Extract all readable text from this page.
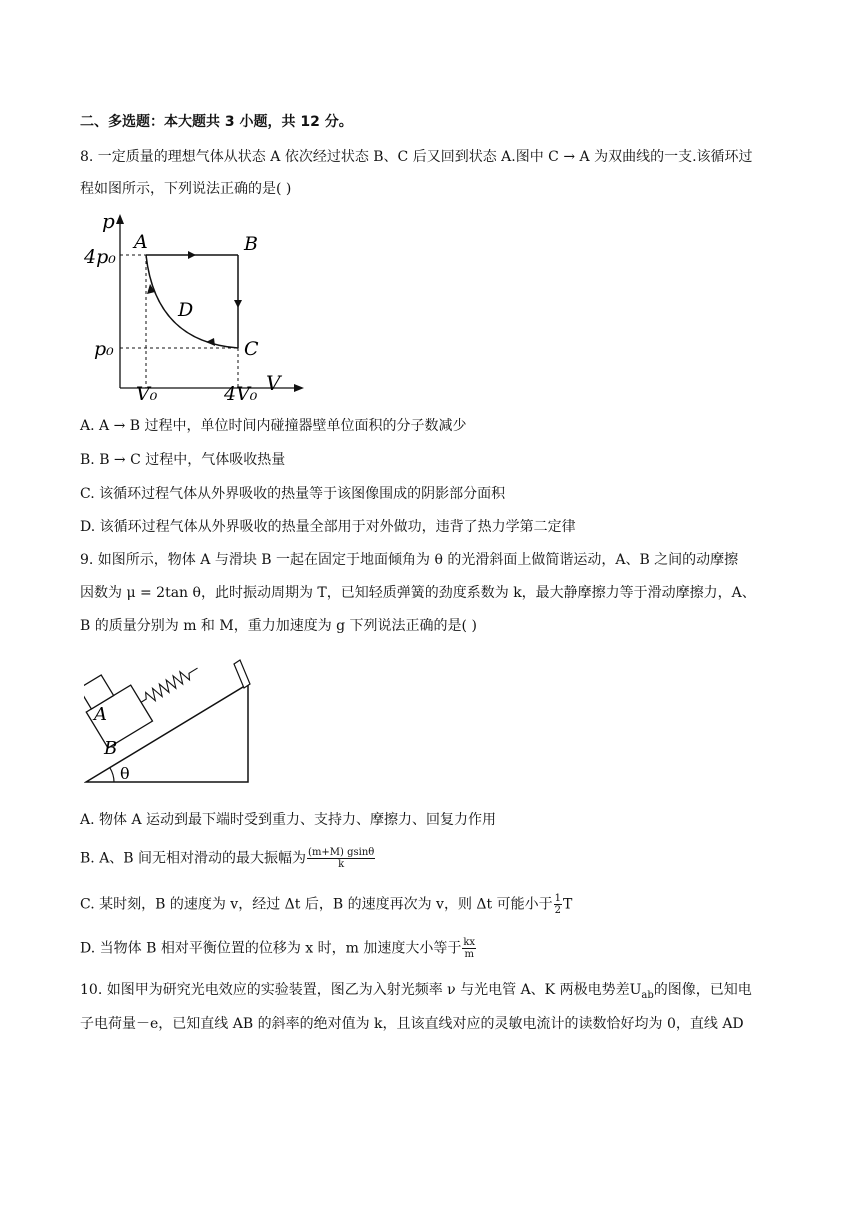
二、多选题：本大题共 3 小题，共 12 分。
8. 一定质量的理想气体从状态 A 依次经过状态 B、C 后又回到状态 A.图中 C → A 为双曲线的一支.该循环过
程如图所示，下列说法正确的是( )
p
V
4p₀
p₀
V₀	4V₀
A	B
C
D
A. A → B 过程中，单位时间内碰撞器壁单位面积的分子数减少
B. B → C 过程中，气体吸收热量
C. 该循环过程气体从外界吸收的热量等于该图像围成的阴影部分面积
D. 该循环过程气体从外界吸收的热量全部用于对外做功，违背了热力学第二定律
9. 如图所示，物体 A 与滑块 B 一起在固定于地面倾角为 θ 的光滑斜面上做简谐运动，A、B 之间的动摩擦
因数为 μ = 2tan θ，此时振动周期为 T，已知轻质弹簧的劲度系数为 k，最大静摩擦力等于滑动摩擦力，A、
B 的质量分别为 m 和 M，重力加速度为 g 下列说法正确的是( )
θ
A
B
A. 物体 A 运动到最下端时受到重力、支持力、摩擦力、回复力作用
B. A、B 间无相对滑动的最大振幅为 $\frac{(m+M) gsin\theta}{k}$
C. 某时刻，B 的速度为 v，经过 Δt 后，B 的速度再次为 v，则 Δt 可能小于 $\frac{1}{2}$ T
D. 当物体 B 相对平衡位置的位移为 x 时，m 加速度大小等于 $\frac{kx}{m}$
10. 如图甲为研究光电效应的实验装置，图乙为入射光频率 ν 与光电管 A、K 两极电势差$U_{ab}$的图像，已知电
子电荷量－e，已知直线 AB 的斜率的绝对值为 k，且该直线对应的灵敏电流计的读数恰好均为 0，直线 AD
